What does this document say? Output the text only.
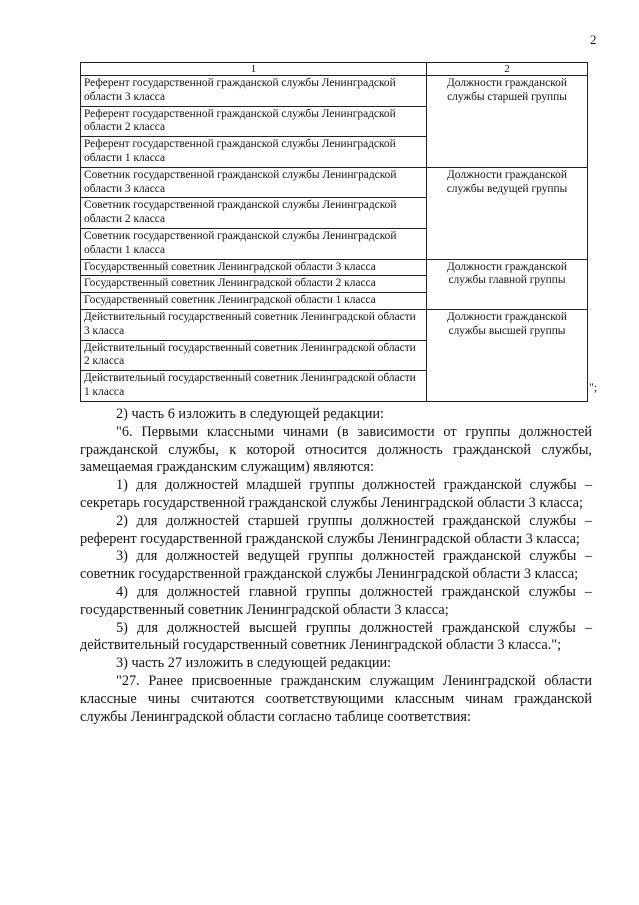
2
1	2
Референт государственной гражданской службы Ленинградской области 3 класса	Должности гражданской службы старшей группы
Референт государственной гражданской службы Ленинградской области 2 класса	
Референт государственной гражданской службы Ленинградской области 1 класса	
Советник государственной гражданской службы Ленинградской области 3 класса	Должности гражданской службы ведущей группы
Советник государственной гражданской службы Ленинградской области 2 класса	
Советник государственной гражданской службы Ленинградской области 1 класса	
Государственный советник Ленинградской области 3 класса	Должности гражданской службы главной группы
Государственный советник Ленинградской области 2 класса	
Государственный советник Ленинградской области 1 класса	
Действительный государственный советник Ленинградской области 3 класса	Должности гражданской службы высшей группы
Действительный государственный советник Ленинградской области 2 класса	
Действительный государственный советник Ленинградской области 1 класса		";

2) часть 6 изложить в следующей редакции:

"6. Первыми классными чинами (в зависимости от группы должностей гражданской службы, к которой относится должность гражданской службы, замещаемая гражданским служащим) являются:

1) для должностей младшей группы должностей гражданской службы – секретарь государственной гражданской службы Ленинградской области 3 класса;

2) для должностей старшей группы должностей гражданской службы – референт государственной гражданской службы Ленинградской области 3 класса;

3) для должностей ведущей группы должностей гражданской службы – советник государственной гражданской службы Ленинградской области 3 класса;

4) для должностей главной группы должностей гражданской службы – государственный советник Ленинградской области 3 класса;

5) для должностей высшей группы должностей гражданской службы – действительный государственный советник Ленинградской области 3 класса.";

3) часть 27 изложить в следующей редакции:

"27. Ранее присвоенные гражданским служащим Ленинградской области классные чины считаются соответствующими классным чинам гражданской службы Ленинградской области согласно таблице соответствия:
